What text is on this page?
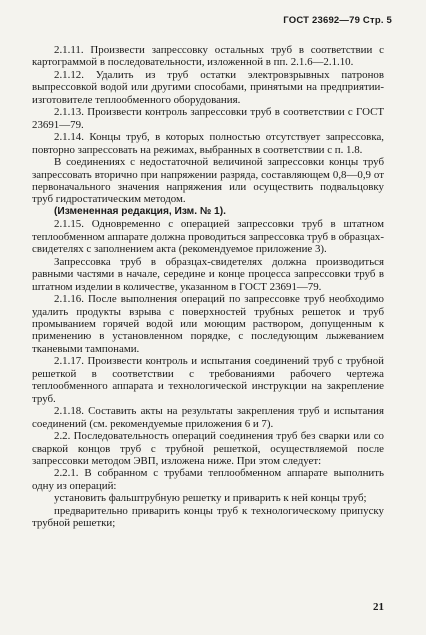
ГОСТ 23692—79 Стр. 5

2.1.11. Произвести запрессовку остальных труб в соответствии с картограммой в последовательности, изложенной в пп. 2.1.6—2.1.10.

2.1.12. Удалить из труб остатки электровзрывных патронов выпрессовкой водой или другими способами, принятыми на предприятии-изготовителе теплообменного оборудования.

2.1.13. Произвести контроль запрессовки труб в соответствии с ГОСТ 23691—79.

2.1.14. Концы труб, в которых полностью отсутствует запрессовка, повторно запрессовать на режимах, выбранных в соответствии с п. 1.8.

В соединениях с недостаточной величиной запрессовки концы труб запрессовать вторично при напряжении разряда, составляющем 0,8—0,9 от первоначального значения напряжения или осуществить подвальцовку труб гидростатическим методом.

(Измененная редакция, Изм. № 1).

2.1.15. Одновременно с операцией запрессовки труб в штатном теплообменном аппарате должна проводиться запрессовка труб в образцах-свидетелях с заполнением акта (рекомендуемое приложение 3).

Запрессовка труб в образцах-свидетелях должна производиться равными частями в начале, середине и конце процесса запрессовки труб в штатном изделии в количестве, указанном в ГОСТ 23691—79.

2.1.16. После выполнения операций по запрессовке труб необходимо удалить продукты взрыва с поверхностей трубных решеток и труб промыванием горячей водой или моющим раствором, допущенным к применению в установленном порядке, с последующим лыжеванием тканевыми тампонами.

2.1.17. Произвести контроль и испытания соединений труб с трубной решеткой в соответствии с требованиями рабочего чертежа теплообменного аппарата и технологической инструкции на закрепление труб.

2.1.18. Составить акты на результаты закрепления труб и испытания соединений (см. рекомендуемые приложения 6 и 7).

2.2. Последовательность операций соединения труб без сварки или со сваркой концов труб с трубной решеткой, осуществляемой после запрессовки методом ЭВП, изложена ниже. При этом следует:

2.2.1. В собранном с трубами теплообменном аппарате выполнить одну из операций:

установить фальштрубную решетку и приварить к ней концы труб;

предварительно приварить концы труб к технологическому припуску трубной решетки;

21
